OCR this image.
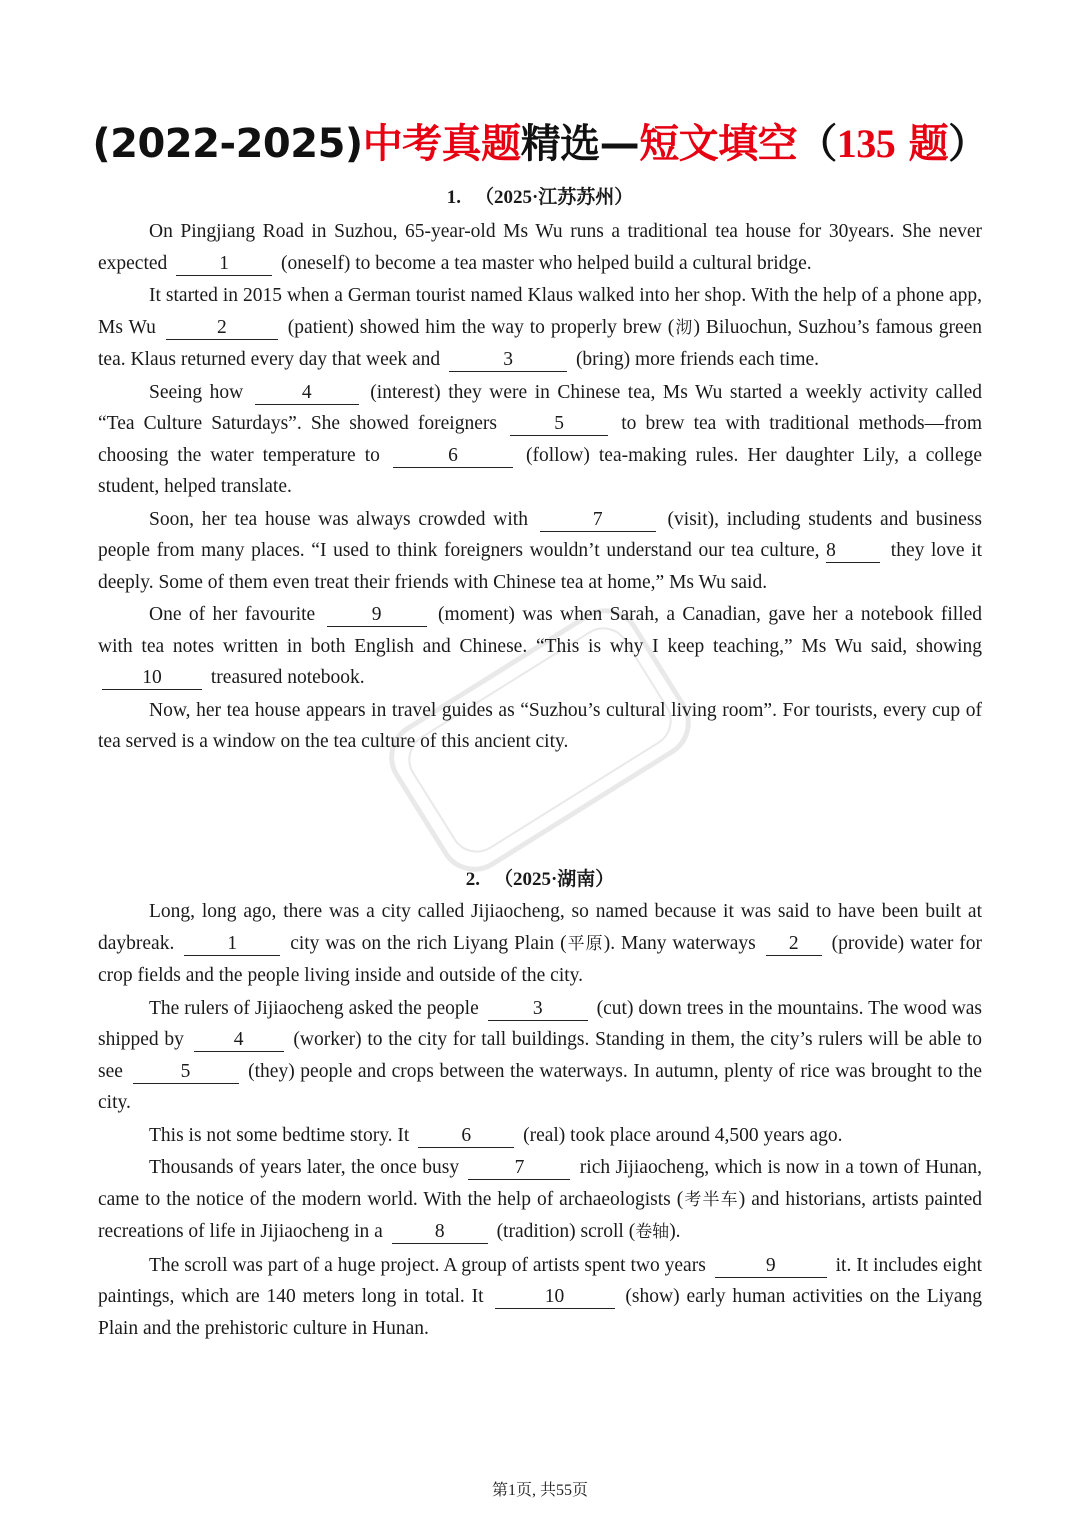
(2022-2025)中考真题精选—短文填空（135 题）
1. （2025·江苏苏州）

On Pingjiang Road in Suzhou, 65-year-old Ms Wu runs a traditional tea house for 30years. She never expected	1	(oneself) to become a tea master who helped build a cultural bridge.

It started in 2015 when a German tourist named Klaus walked into her shop. With the help of a phone app, Ms Wu	2	(patient) showed him the way to properly brew (沏) Biluochun, Suzhou’s famous green tea. Klaus returned every day that week and	3	(bring) more friends each time.

Seeing how	4	(interest) they were in Chinese tea, Ms Wu started a weekly activity called “Tea Culture Saturdays”. She showed foreigners	5	to brew tea with traditional methods—from choosing the water temperature to	6	(follow) tea-making rules. Her daughter Lily, a college student, helped translate.

Soon, her tea house was always crowded with	7	(visit), including students and business people from many places. “I used to think foreigners wouldn’t understand our tea culture, 8	they love it deeply. Some of them even treat their friends with Chinese tea at home,” Ms Wu said.

One of her favourite	9	(moment) was when Sarah, a Canadian, gave her a notebook filled with tea notes written in both English and Chinese. “This is why I keep teaching,” Ms Wu said, showing 10	treasured notebook.

Now, her tea house appears in travel guides as “Suzhou’s cultural living room”. For tourists, every cup of tea served is a window on the tea culture of this ancient city.

2. （2025·湖南）

Long, long ago, there was a city called Jijiaocheng, so named because it was said to have been built at daybreak.	1	city was on the rich Liyang Plain (平原). Many waterways 2 (provide) water for crop fields and the people living inside and outside of the city.

The rulers of Jijiaocheng asked the people	3	(cut) down trees in the mountains. The wood was shipped by	4	(worker) to the city for tall buildings. Standing in them, the city’s rulers will be able to see	5	(they) people and crops between the waterways. In autumn, plenty of rice was brought to the city.

This is not some bedtime story. It	6	(real) took place around 4,500 years ago.

Thousands of years later, the once busy	7	rich Jijiaocheng, which is now in a town of Hunan, came to the notice of the modern world. With the help of archaeologists (考半车) and historians, artists painted recreations of life in Jijiaocheng in a	8	(tradition) scroll (卷轴).

The scroll was part of a huge project. A group of artists spent two years	9	it. It includes eight paintings, which are 140 meters long in total. It	10	(show) early human activities on the Liyang Plain and the prehistoric culture in Hunan.

第1页, 共55页
